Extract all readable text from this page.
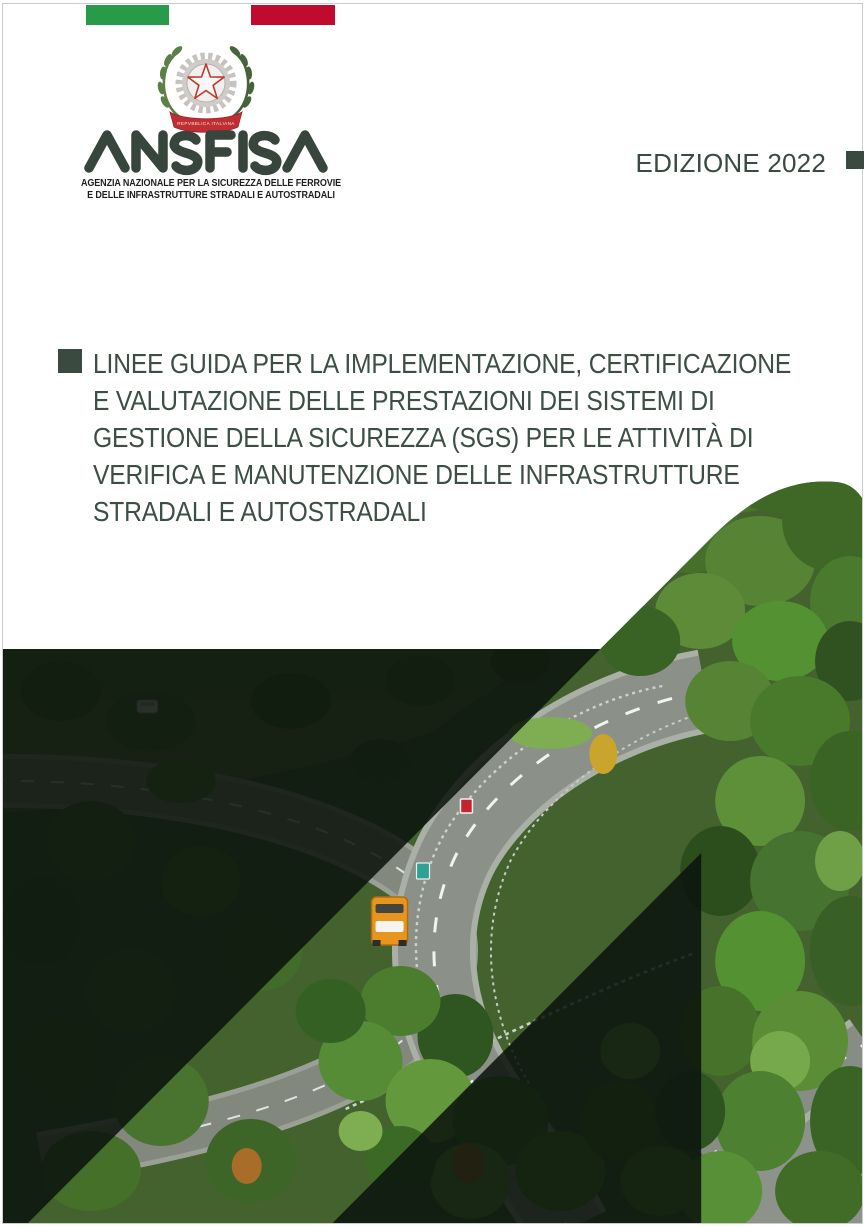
REPVBBLICA ITALIANA
AGENZIA NAZIONALE PER LA SICUREZZA DELLE FERROVIE
E DELLE INFRASTRUTTURE STRADALI E AUTOSTRADALI
EDIZIONE 2022
LINEE GUIDA PER LA IMPLEMENTAZIONE, CERTIFICAZIONE
E VALUTAZIONE DELLE PRESTAZIONI DEI SISTEMI DI
GESTIONE DELLA SICUREZZA (SGS) PER LE ATTIVITÀ DI
VERIFICA E MANUTENZIONE DELLE INFRASTRUTTURE
STRADALI E AUTOSTRADALI
